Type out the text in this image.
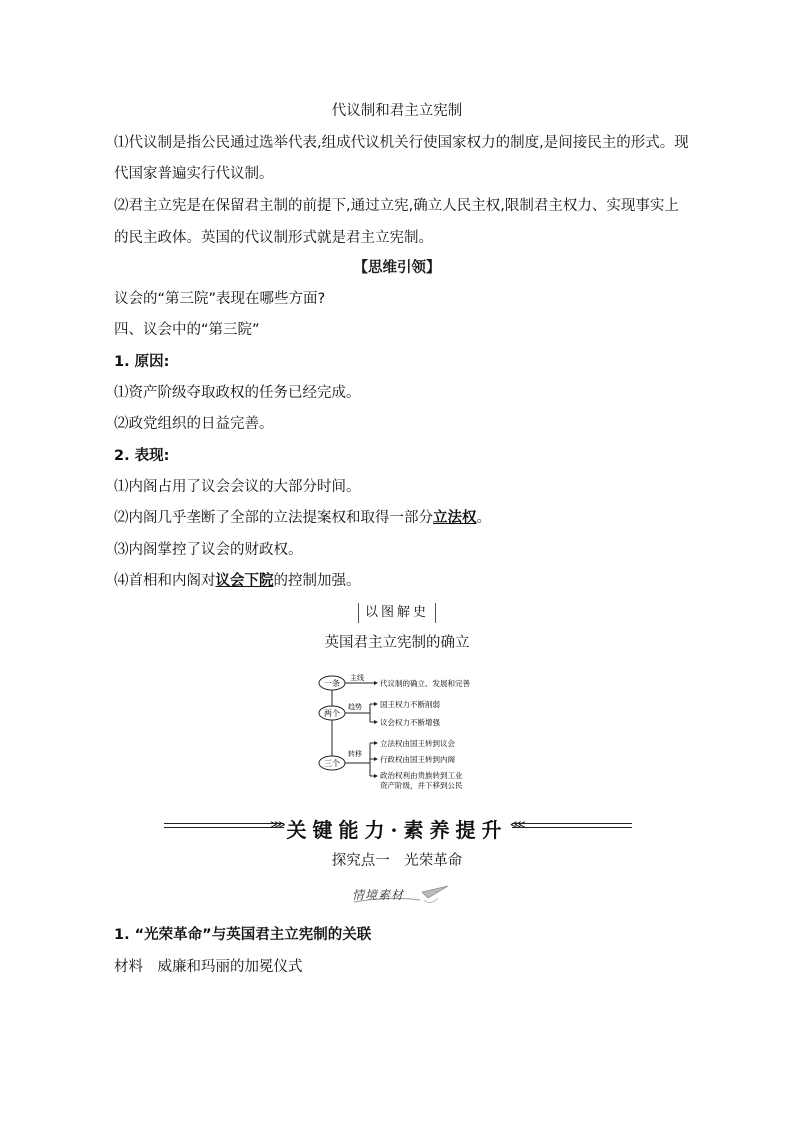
代议制和君主立宪制
⑴代议制是指公民通过选举代表,组成代议机关行使国家权力的制度,是间接民主的形式。现
代国家普遍实行代议制。
⑵君主立宪是在保留君主制的前提下,通过立宪,确立人民主权,限制君主权力、实现事实上
的民主政体。英国的代议制形式就是君主立宪制。
【思维引领】
议会的“第三院”表现在哪些方面?
四、议会中的“第三院”
1. 原因:
⑴资产阶级夺取政权的任务已经完成。
⑵政党组织的日益完善。
2. 表现:
⑴内阁占用了议会会议的大部分时间。
⑵内阁几乎垄断了全部的立法提案权和取得一部分立法权。
⑶内阁掌控了议会的财政权。
⑷首相和内阁对议会下院的控制加强。
以图解史
英国君主立宪制的确立
一条
两个
三个
主线
代议制的确立、发展和完善
趋势 国王权力不断削弱
议会权力不断增强
转移
立法权由国王转到议会
行政权由国王转到内阁
政治权利由贵族转到工业
资产阶级，并下移到公民
⋙ 关键能力·素养提升 ⋘
探究点一　光荣革命
情境素材
1. “光荣革命”与英国君主立宪制的关联
材料　威廉和玛丽的加冕仪式
